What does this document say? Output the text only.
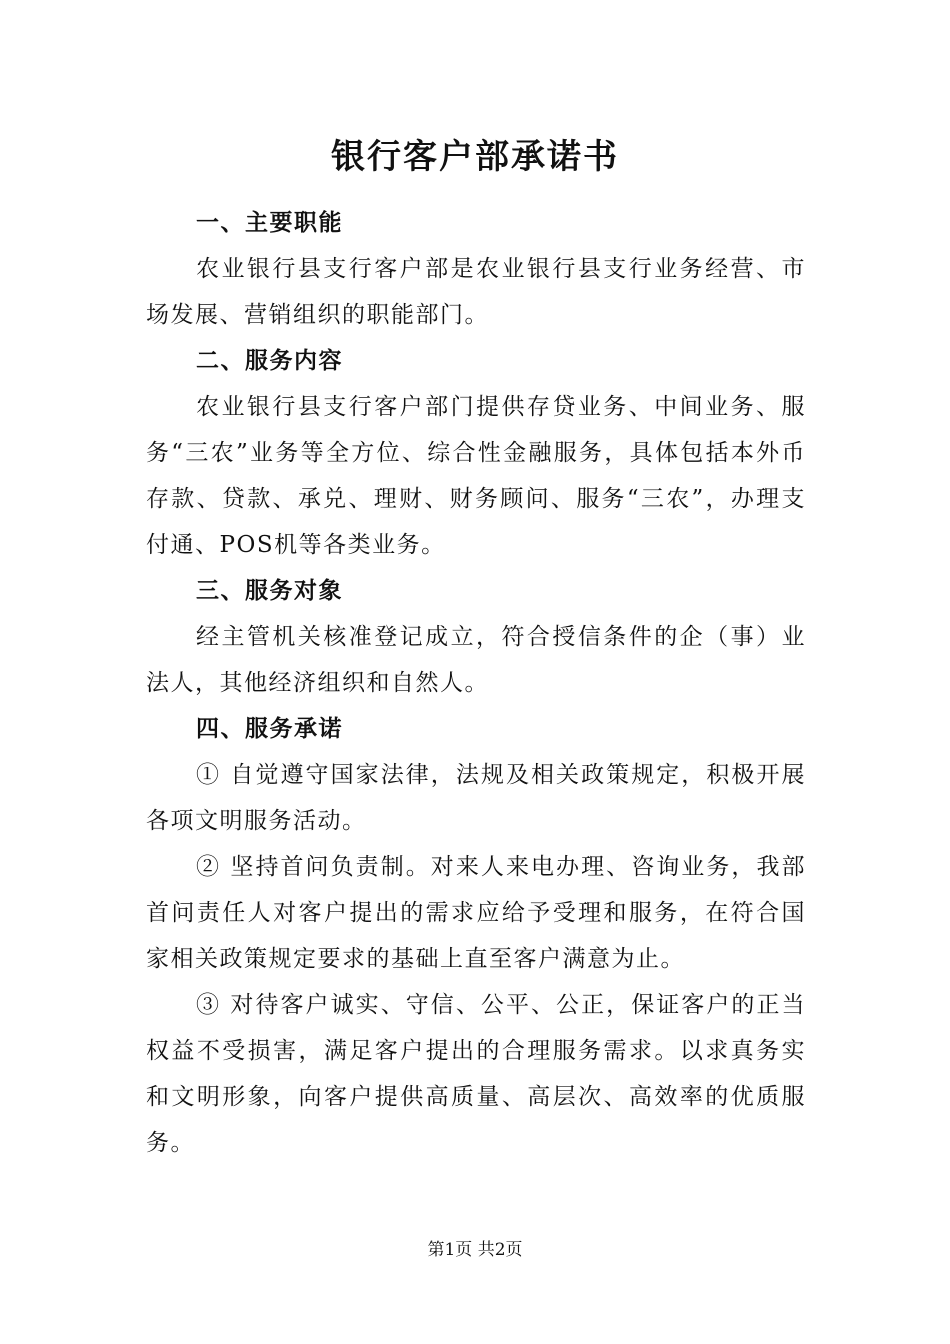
银行客户部承诺书

一、主要职能

农业银行县支行客户部是农业银行县支行业务经营、市场发展、营销组织的职能部门。

二、服务内容

农业银行县支行客户部门提供存贷业务、中间业务、服务“三农”业务等全方位、综合性金融服务，具体包括本外币存款、贷款、承兑、理财、财务顾问、服务“三农”，办理支付通、POS机等各类业务。

三、服务对象

经主管机关核准登记成立，符合授信条件的企（事）业法人，其他经济组织和自然人。

四、服务承诺

① 自觉遵守国家法律，法规及相关政策规定，积极开展各项文明服务活动。

② 坚持首问负责制。对来人来电办理、咨询业务，我部首问责任人对客户提出的需求应给予受理和服务，在符合国家相关政策规定要求的基础上直至客户满意为止。

③ 对待客户诚实、守信、公平、公正，保证客户的正当权益不受损害，满足客户提出的合理服务需求。以求真务实和文明形象，向客户提供高质量、高层次、高效率的优质服务。

第1页 共2页
